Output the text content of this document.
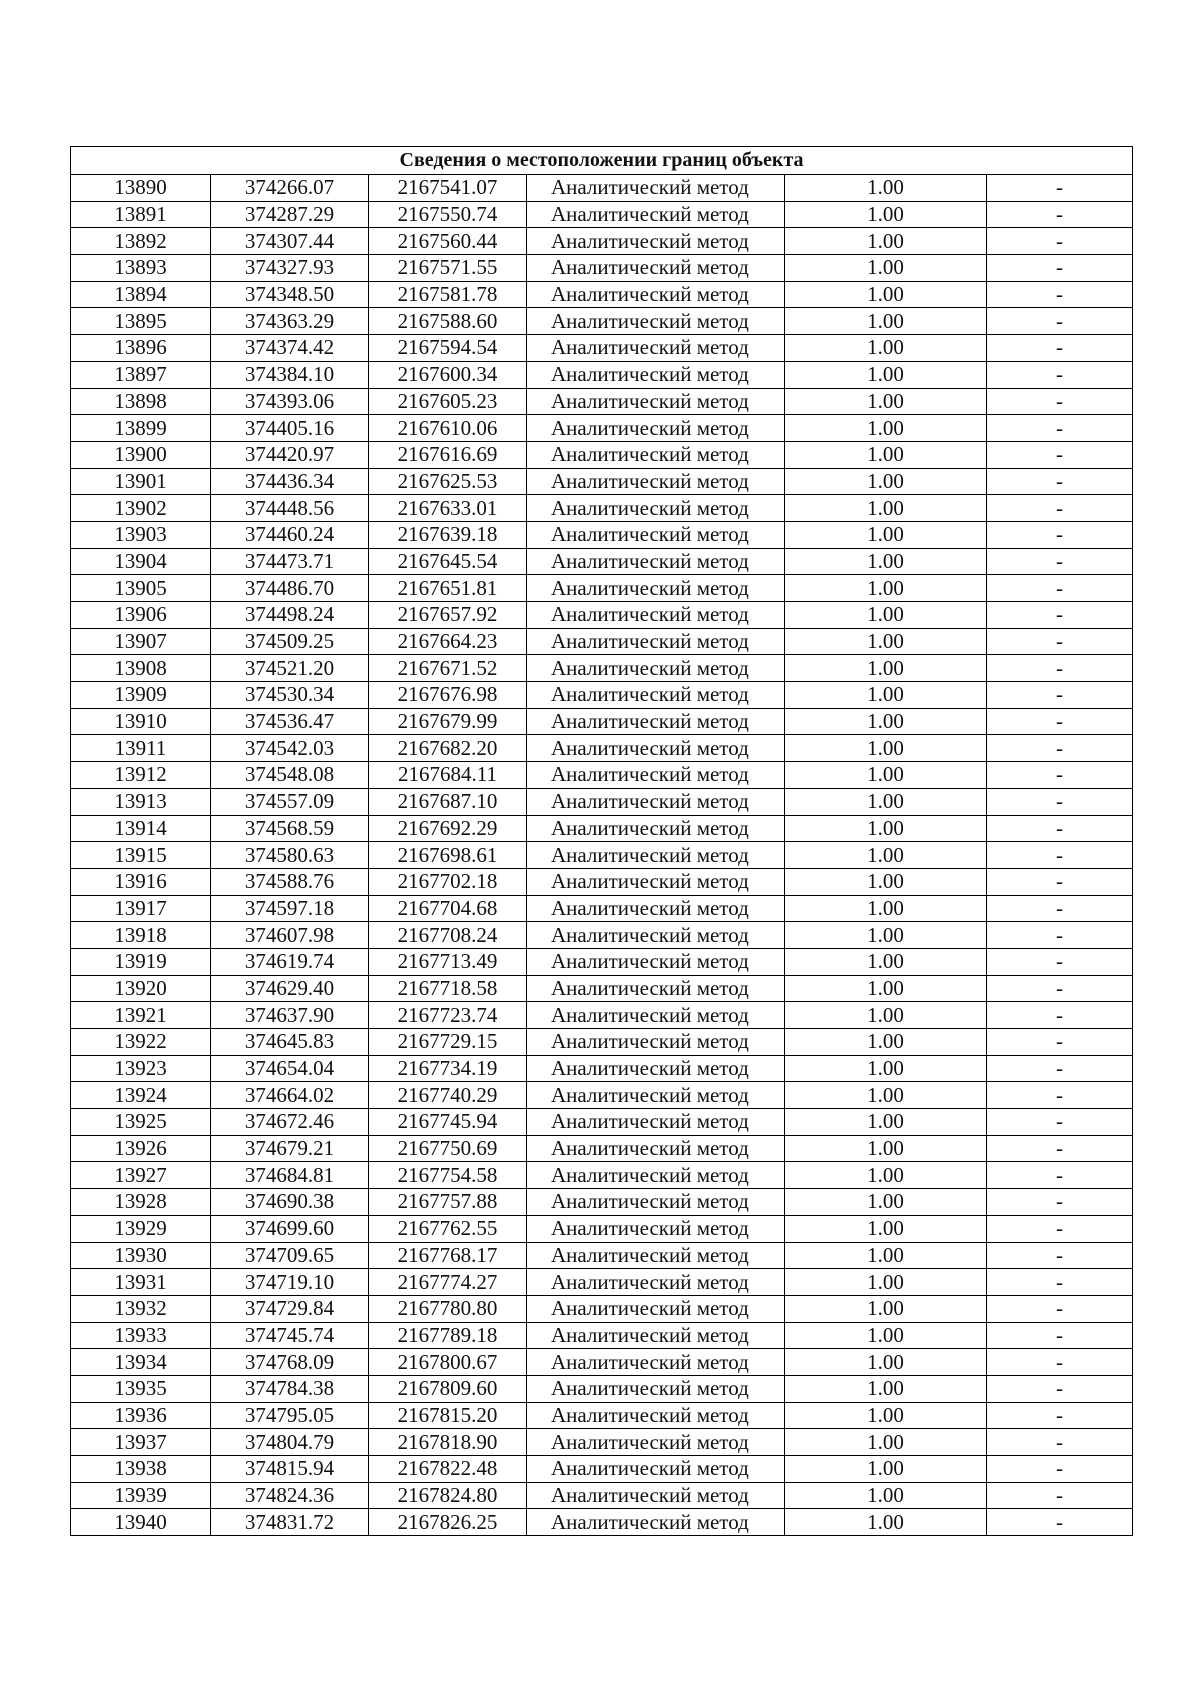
Сведения о местоположении границ объекта					
13890	374266.07	2167541.07	Аналитический метод	1.00	-
13891	374287.29	2167550.74	Аналитический метод	1.00	-
13892	374307.44	2167560.44	Аналитический метод	1.00	-
13893	374327.93	2167571.55	Аналитический метод	1.00	-
13894	374348.50	2167581.78	Аналитический метод	1.00	-
13895	374363.29	2167588.60	Аналитический метод	1.00	-
13896	374374.42	2167594.54	Аналитический метод	1.00	-
13897	374384.10	2167600.34	Аналитический метод	1.00	-
13898	374393.06	2167605.23	Аналитический метод	1.00	-
13899	374405.16	2167610.06	Аналитический метод	1.00	-
13900	374420.97	2167616.69	Аналитический метод	1.00	-
13901	374436.34	2167625.53	Аналитический метод	1.00	-
13902	374448.56	2167633.01	Аналитический метод	1.00	-
13903	374460.24	2167639.18	Аналитический метод	1.00	-
13904	374473.71	2167645.54	Аналитический метод	1.00	-
13905	374486.70	2167651.81	Аналитический метод	1.00	-
13906	374498.24	2167657.92	Аналитический метод	1.00	-
13907	374509.25	2167664.23	Аналитический метод	1.00	-
13908	374521.20	2167671.52	Аналитический метод	1.00	-
13909	374530.34	2167676.98	Аналитический метод	1.00	-
13910	374536.47	2167679.99	Аналитический метод	1.00	-
13911	374542.03	2167682.20	Аналитический метод	1.00	-
13912	374548.08	2167684.11	Аналитический метод	1.00	-
13913	374557.09	2167687.10	Аналитический метод	1.00	-
13914	374568.59	2167692.29	Аналитический метод	1.00	-
13915	374580.63	2167698.61	Аналитический метод	1.00	-
13916	374588.76	2167702.18	Аналитический метод	1.00	-
13917	374597.18	2167704.68	Аналитический метод	1.00	-
13918	374607.98	2167708.24	Аналитический метод	1.00	-
13919	374619.74	2167713.49	Аналитический метод	1.00	-
13920	374629.40	2167718.58	Аналитический метод	1.00	-
13921	374637.90	2167723.74	Аналитический метод	1.00	-
13922	374645.83	2167729.15	Аналитический метод	1.00	-
13923	374654.04	2167734.19	Аналитический метод	1.00	-
13924	374664.02	2167740.29	Аналитический метод	1.00	-
13925	374672.46	2167745.94	Аналитический метод	1.00	-
13926	374679.21	2167750.69	Аналитический метод	1.00	-
13927	374684.81	2167754.58	Аналитический метод	1.00	-
13928	374690.38	2167757.88	Аналитический метод	1.00	-
13929	374699.60	2167762.55	Аналитический метод	1.00	-
13930	374709.65	2167768.17	Аналитический метод	1.00	-
13931	374719.10	2167774.27	Аналитический метод	1.00	-
13932	374729.84	2167780.80	Аналитический метод	1.00	-
13933	374745.74	2167789.18	Аналитический метод	1.00	-
13934	374768.09	2167800.67	Аналитический метод	1.00	-
13935	374784.38	2167809.60	Аналитический метод	1.00	-
13936	374795.05	2167815.20	Аналитический метод	1.00	-
13937	374804.79	2167818.90	Аналитический метод	1.00	-
13938	374815.94	2167822.48	Аналитический метод	1.00	-
13939	374824.36	2167824.80	Аналитический метод	1.00	-
13940	374831.72	2167826.25	Аналитический метод	1.00	-
